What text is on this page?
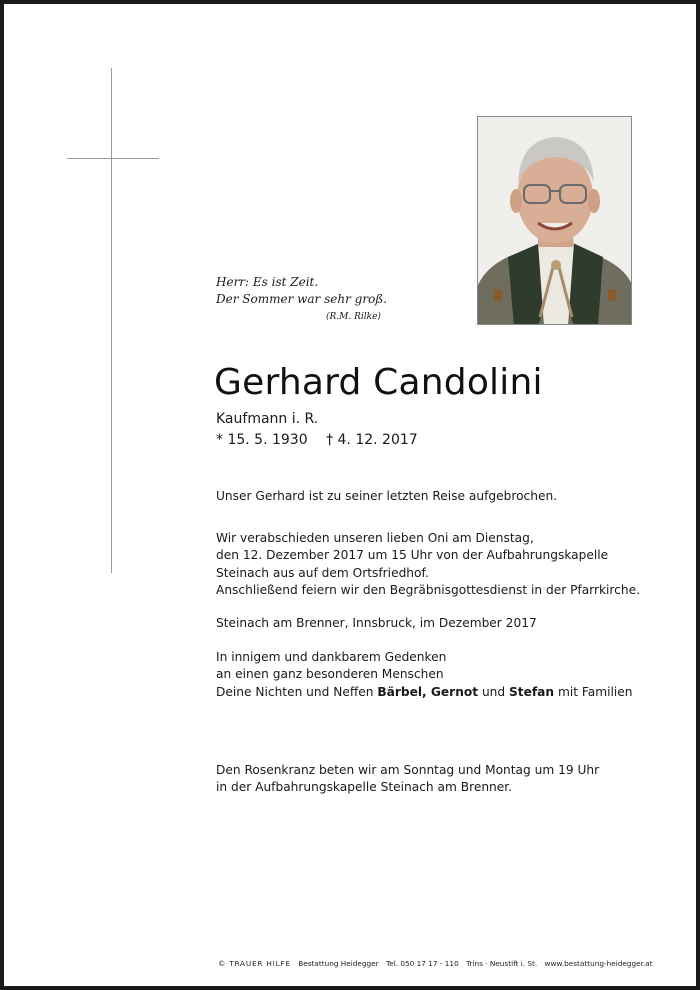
Herr: Es ist Zeit.
Der Sommer war sehr groß.
(R.M. Rilke)
Gerhard Candolini
Kaufmann i. R.
* 15. 5. 1930 † 4. 12. 2017
Unser Gerhard ist zu seiner letzten Reise aufgebrochen.
Wir verabschieden unseren lieben Oni am Dienstag,
den 12. Dezember 2017 um 15 Uhr von der Aufbahrungskapelle
Steinach aus auf dem Ortsfriedhof.
Anschließend feiern wir den Begräbnisgottesdienst in der Pfarrkirche.
Steinach am Brenner, Innsbruck, im Dezember 2017
In innigem und dankbarem Gedenken
an einen ganz besonderen Menschen
Deine Nichten und Neffen Bärbel, Gernot und Stefan mit Familien
Den Rosenkranz beten wir am Sonntag und Montag um 19 Uhr
in der Aufbahrungskapelle Steinach am Brenner.
© TRAUER HILFE Bestattung Heidegger Tel. 050 17 17 - 110 Trins · Neustift i. St. www.bestattung-heidegger.at
